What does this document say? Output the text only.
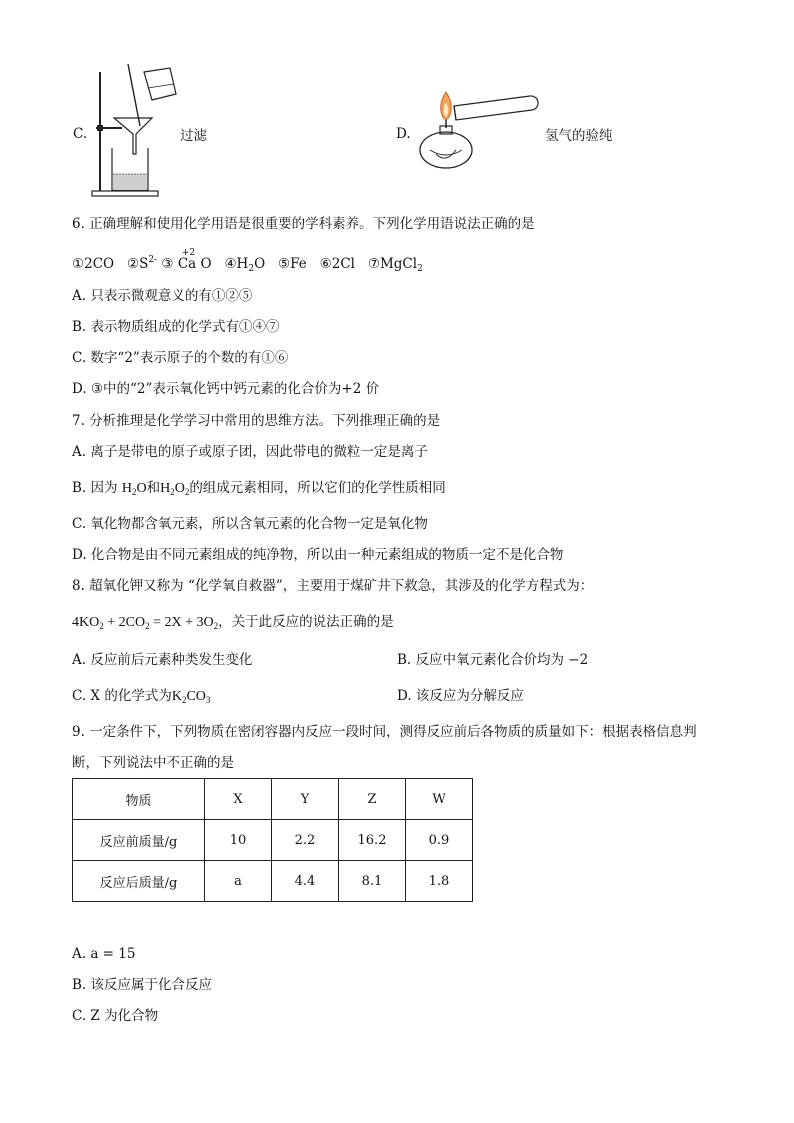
C.	过滤	D.	氢气的验纯
6. 正确理解和使用化学用语是很重要的学科素养。下列化学用语说法正确的是
①2CO $②S^{2-}$ ③
+2
Ca O $④H_2O$ ⑤Fe ⑥2Cl ⑦MgCl$_2$
A. 只表示微观意义的有①②⑤
B. 表示物质组成的化学式有①④⑦
C. 数字“2”表示原子的个数的有①⑥
D. ③中的“2”表示氧化钙中钙元素的化合价为+2 价
7. 分析推理是化学学习中常用的思维方法。下列推理正确的是
A. 离子是带电的原子或原子团，因此带电的微粒一定是离子
B. 因为 $H_2O$和$H_2O_2$的组成元素相同，所以它们的化学性质相同
C. 氧化物都含氧元素，所以含氧元素的化合物一定是氧化物
D. 化合物是由不同元素组成的纯净物，所以由一种元素组成的物质一定不是化合物
8. 超氧化钾又称为 “化学氧自救器”，主要用于煤矿井下救急，其涉及的化学方程式为：
$4KO_2 + 2CO_2 = 2X + 3O_2$，关于此反应的说法正确的是
A. 反应前后元素种类发生变化	B. 反应中氧元素化合价均为 −2
C. X 的化学式为$K_2CO_3$	D. 该反应为分解反应
9. 一定条件下，下列物质在密闭容器内反应一段时间，测得反应前后各物质的质量如下：根据表格信息判
断，下列说法中不正确的是
物质	X	Y	Z	W
反应前质量/g	10	2.2	16.2	0.9
反应后质量/g	a	4.4	8.1	1.8
A. a = 15
B. 该反应属于化合反应
C. Z 为化合物
